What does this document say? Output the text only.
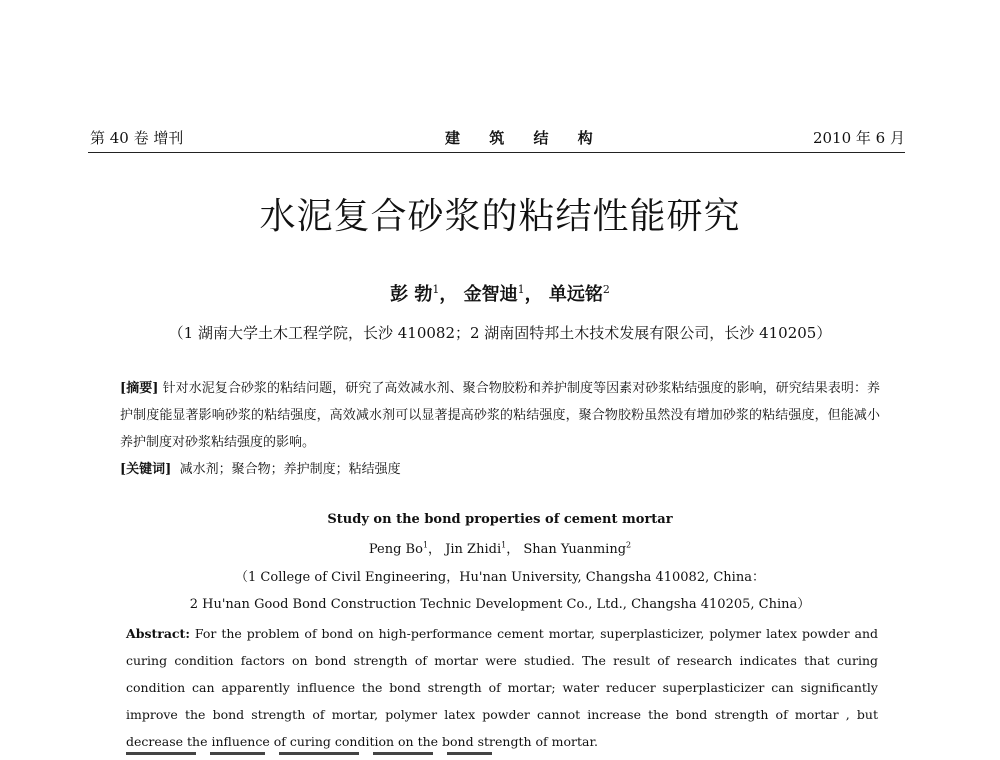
第 40 卷 增刊	建 筑 结 构	2010 年 6 月
水泥复合砂浆的粘结性能研究
彭 勃$^1$， 金智迪$^1$， 单远铭$^2$
（1 湖南大学土木工程学院，长沙 410082；2 湖南固特邦土木技术发展有限公司，长沙 410205）
[摘要] 针对水泥复合砂浆的粘结问题，研究了高效减水剂、聚合物胶粉和养护制度等因素对砂浆粘结强度的影响，研究结果表明：养护制度能显著影响砂浆的粘结强度，高效减水剂可以显著提高砂浆的粘结强度，聚合物胶粉虽然没有增加砂浆的粘结强度，但能减小养护制度对砂浆粘结强度的影响。
[关键词] 减水剂；聚合物；养护制度；粘结强度
Study on the bond properties of cement mortar
Peng Bo$^1$， Jin Zhidi$^1$， Shan Yuanming$^2$
（1 College of Civil Engineering，Hu'nan University, Changsha 410082, China：
2 Hu'nan Good Bond Construction Technic Development Co., Ltd., Changsha 410205, China）
Abstract: For the problem of bond on high-performance cement mortar, superplasticizer, polymer latex powder and curing condition factors on bond strength of mortar were studied. The result of research indicates that curing condition can apparently influence the bond strength of mortar; water reducer superplasticizer can significantly improve the bond strength of mortar, polymer latex powder cannot increase the bond strength of mortar , but decrease the influence of curing condition on the bond strength of mortar.
